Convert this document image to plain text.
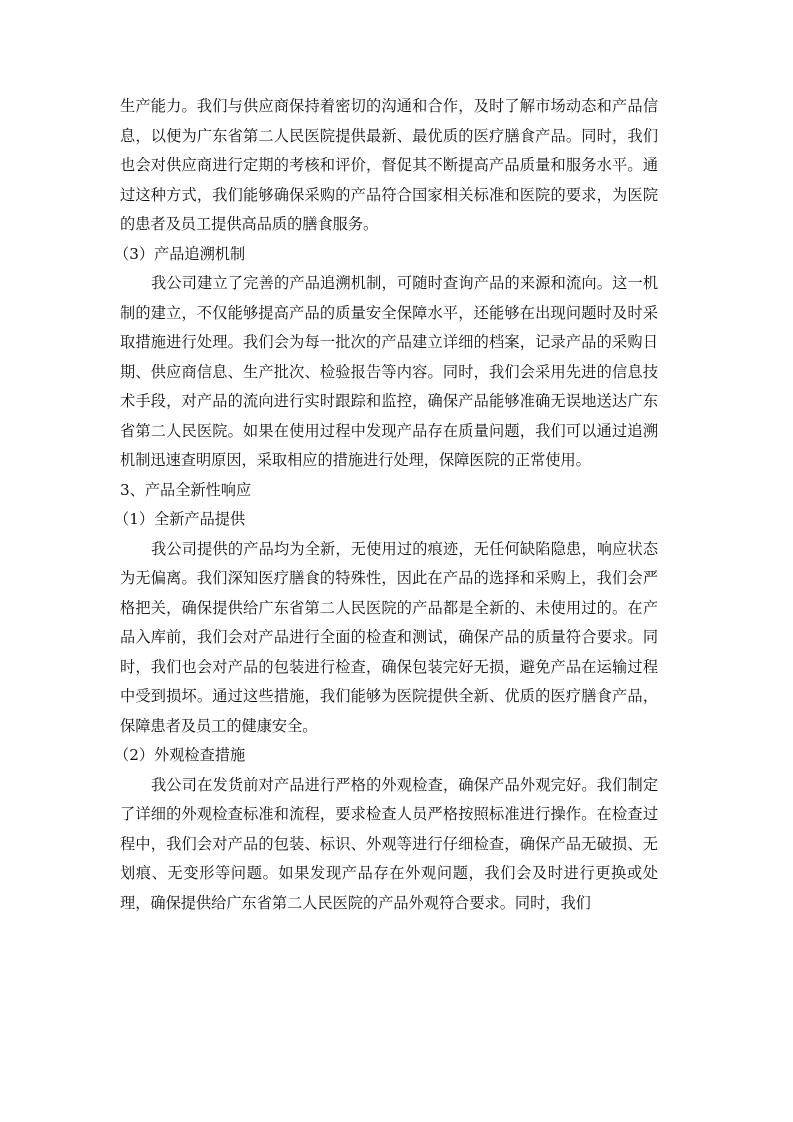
生产能力。我们与供应商保持着密切的沟通和合作，及时了解市场动态和产品信息，以便为广东省第二人民医院提供最新、最优质的医疗膳食产品。同时，我们也会对供应商进行定期的考核和评价，督促其不断提高产品质量和服务水平。通过这种方式，我们能够确保采购的产品符合国家相关标准和医院的要求，为医院的患者及员工提供高品质的膳食服务。

（3）产品追溯机制

我公司建立了完善的产品追溯机制，可随时查询产品的来源和流向。这一机制的建立，不仅能够提高产品的质量安全保障水平，还能够在出现问题时及时采取措施进行处理。我们会为每一批次的产品建立详细的档案，记录产品的采购日期、供应商信息、生产批次、检验报告等内容。同时，我们会采用先进的信息技术手段，对产品的流向进行实时跟踪和监控，确保产品能够准确无误地送达广东省第二人民医院。如果在使用过程中发现产品存在质量问题，我们可以通过追溯机制迅速查明原因，采取相应的措施进行处理，保障医院的正常使用。

3、产品全新性响应

（1）全新产品提供

我公司提供的产品均为全新，无使用过的痕迹，无任何缺陷隐患，响应状态为无偏离。我们深知医疗膳食的特殊性，因此在产品的选择和采购上，我们会严格把关，确保提供给广东省第二人民医院的产品都是全新的、未使用过的。在产品入库前，我们会对产品进行全面的检查和测试，确保产品的质量符合要求。同时，我们也会对产品的包装进行检查，确保包装完好无损，避免产品在运输过程中受到损坏。通过这些措施，我们能够为医院提供全新、优质的医疗膳食产品，保障患者及员工的健康安全。

（2）外观检查措施

我公司在发货前对产品进行严格的外观检查，确保产品外观完好。我们制定了详细的外观检查标准和流程，要求检查人员严格按照标准进行操作。在检查过程中，我们会对产品的包装、标识、外观等进行仔细检查，确保产品无破损、无划痕、无变形等问题。如果发现产品存在外观问题，我们会及时进行更换或处理，确保提供给广东省第二人民医院的产品外观符合要求。同时，我们
